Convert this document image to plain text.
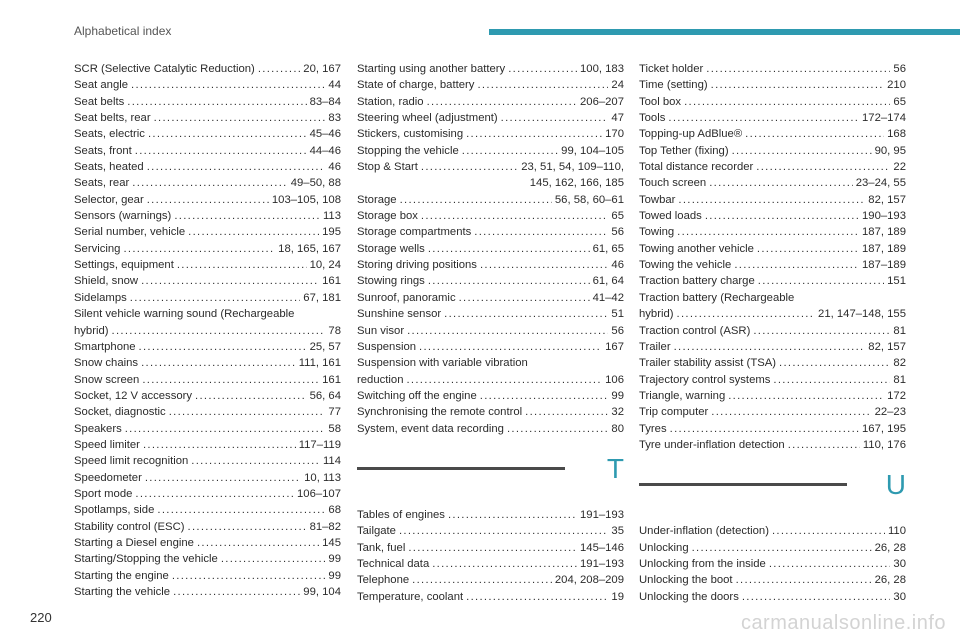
Alphabetical index
SCR (Selective Catalytic Reduction) .....	20, 167
Seat angle .....	44
Seat belts .....	83–84
Seat belts, rear .....	83
Seats, electric .....	45–46
Seats, front .....	44–46
Seats, heated .....	46
Seats, rear .....	49–50, 88
Selector, gear .....	103–105, 108
Sensors (warnings) .....	113
Serial number, vehicle .....	195
Servicing .....	18, 165, 167
Settings, equipment .....	10, 24
Shield, snow .....	161
Sidelamps .....	67, 181
Silent vehicle warning sound (Rechargeable
hybrid) .....	78
Smartphone .....	25, 57
Snow chains .....	111, 161
Snow screen .....	161
Socket, 12 V accessory .....	56, 64
Socket, diagnostic .....	77
Speakers .....	58
Speed limiter .....	117–119
Speed limit recognition .....	114
Speedometer .....	10, 113
Sport mode .....	106–107
Spotlamps, side .....	68
Stability control (ESC) .....	81–82
Starting a Diesel engine .....	145
Starting/Stopping the vehicle .....	99
Starting the engine .....	99
Starting the vehicle .....	99, 104
Starting using another battery .....	100, 183
State of charge, battery .....	24
Station, radio .....	206–207
Steering wheel (adjustment) .....	47
Stickers, customising .....	170
Stopping the vehicle .....	99, 104–105
Stop & Start .....	23, 51, 54, 109–110,
145, 162, 166, 185
Storage .....	56, 58, 60–61
Storage box .....	65
Storage compartments .....	56
Storage wells .....	61, 65
Storing driving positions .....	46
Stowing rings .....	61, 64
Sunroof, panoramic .....	41–42
Sunshine sensor .....	51
Sun visor .....	56
Suspension .....	167
Suspension with variable vibration
reduction .....	106
Switching off the engine .....	99
Synchronising the remote control .....	32
System, event data recording .....	80
T
Tables of engines .....	191–193
Tailgate .....	35
Tank, fuel .....	145–146
Technical data .....	191–193
Telephone .....	204, 208–209
Temperature, coolant .....	19
Ticket holder .....	56
Time (setting) .....	210
Tool box .....	65
Tools .....	172–174
Topping-up AdBlue® .....	168
Top Tether (fixing) .....	90, 95
Total distance recorder .....	22
Touch screen .....	23–24, 55
Towbar .....	82, 157
Towed loads .....	190–193
Towing .....	187, 189
Towing another vehicle .....	187, 189
Towing the vehicle .....	187–189
Traction battery charge .....	151
Traction battery (Rechargeable
hybrid) .....	21, 147–148, 155
Traction control (ASR) .....	81
Trailer .....	82, 157
Trailer stability assist (TSA) .....	82
Trajectory control systems .....	81
Triangle, warning .....	172
Trip computer .....	22–23
Tyres .....	167, 195
Tyre under-inflation detection .....	110, 176
U
Under-inflation (detection) .....	110
Unlocking .....	26, 28
Unlocking from the inside .....	30
Unlocking the boot .....	26, 28
Unlocking the doors .....	30
220	carmanualsonline.info
